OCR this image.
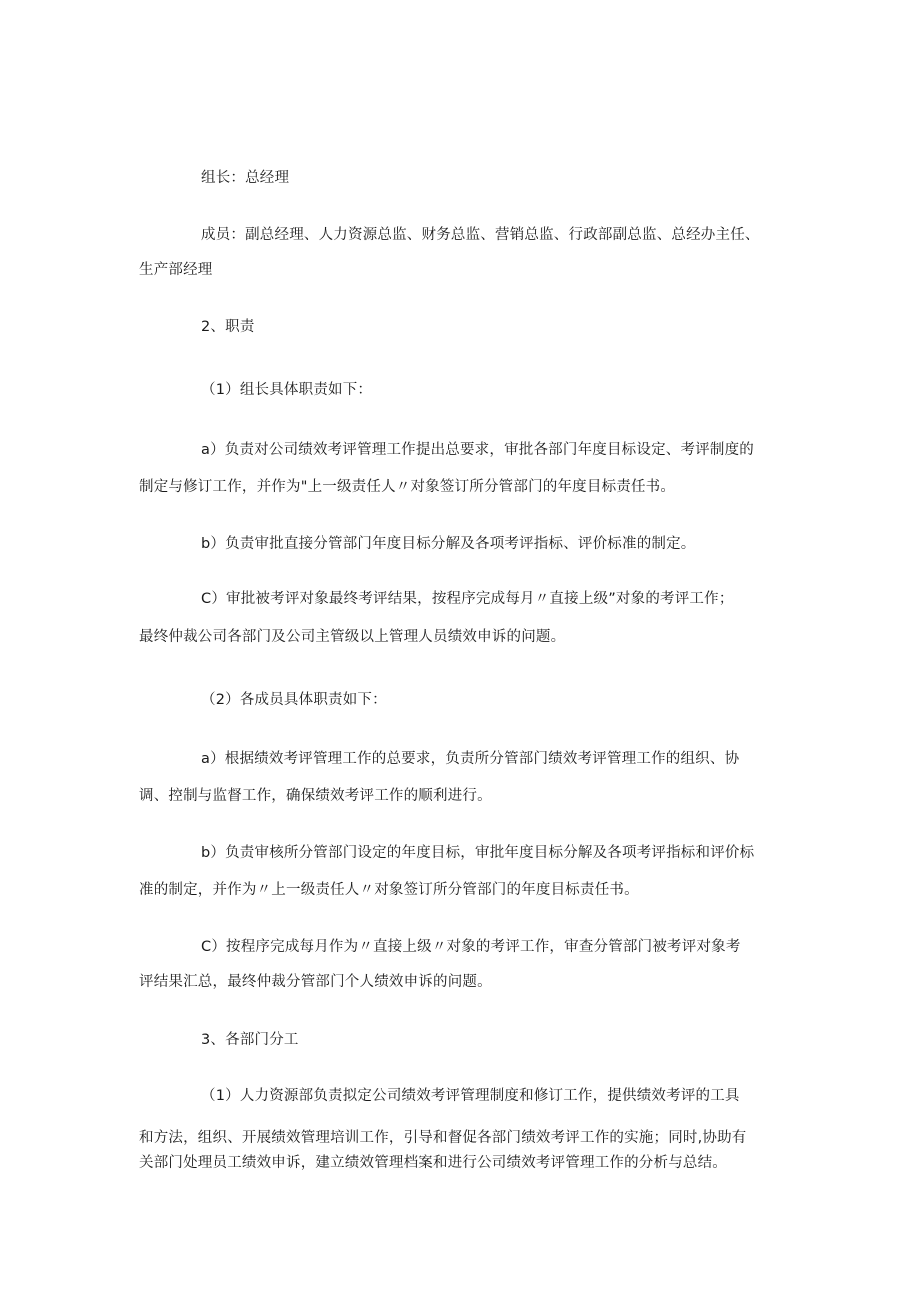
组长：总经理
成员：副总经理、人力资源总监、财务总监、营销总监、行政部副总监、总经办主任、
生产部经理
2、职责
（1）组长具体职责如下：
a）负责对公司绩效考评管理工作提出总要求，审批各部门年度目标设定、考评制度的
制定与修订工作，并作为"上一级责任人〃对象签订所分管部门的年度目标责任书。
b）负责审批直接分管部门年度目标分解及各项考评指标、评价标准的制定。
C）审批被考评对象最终考评结果，按程序完成每月〃直接上级”对象的考评工作；
最终仲裁公司各部门及公司主管级以上管理人员绩效申诉的问题。
（2）各成员具体职责如下：
a）根据绩效考评管理工作的总要求，负责所分管部门绩效考评管理工作的组织、协
调、控制与监督工作，确保绩效考评工作的顺利进行。
b）负责审核所分管部门设定的年度目标，审批年度目标分解及各项考评指标和评价标
准的制定，并作为〃上一级责任人〃对象签订所分管部门的年度目标责任书。
C）按程序完成每月作为〃直接上级〃对象的考评工作，审查分管部门被考评对象考
评结果汇总，最终仲裁分管部门个人绩效申诉的问题。
3、各部门分工
（1）人力资源部负责拟定公司绩效考评管理制度和修订工作，提供绩效考评的工具
和方法，组织、开展绩效管理培训工作，引导和督促各部门绩效考评工作的实施；同时,协助有
关部门处理员工绩效申诉，建立绩效管理档案和进行公司绩效考评管理工作的分析与总结。
